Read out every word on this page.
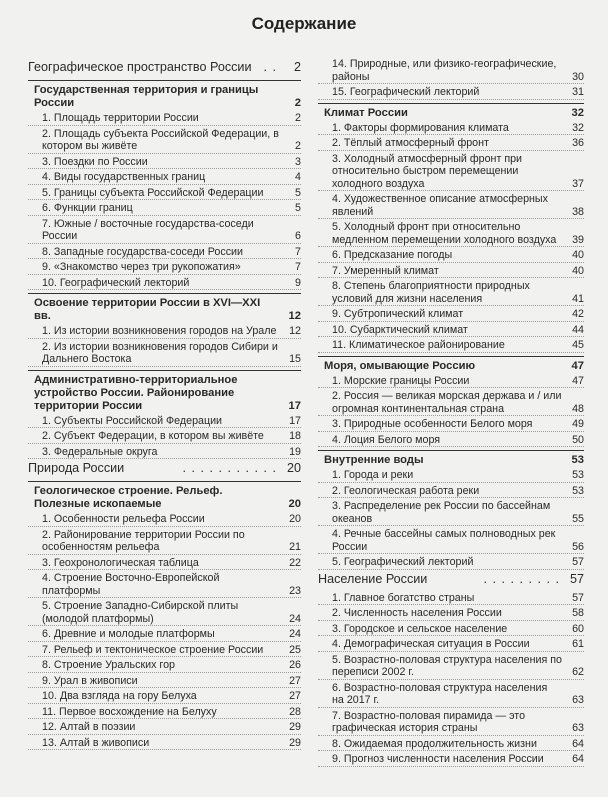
Содержание
Географическое пространство России . .	2
Государственная территория и границы России	2
1. Площадь территории России	2
2. Площадь субъекта Российской Федерации, в котором вы живёте	2
3. Поездки по России	3
4. Виды государственных границ	4
5. Границы субъекта Российской Федерации	5
6. Функции границ	5
7. Южные / восточные государства-соседи России	6
8. Западные государства-соседи России	7
9. «Знакомство через три рукопожатия»	7
10. Географический лекторий	9
Освоение территории России в XVI—XXI вв.	12
1. Из истории возникновения городов на Урале	12
2. Из истории возникновения городов Сибири и Дальнего Востока	15
Административно-территориальное устройство России. Районирование территории России	17
1. Субъекты Российской Федерации	17
2. Субъект Федерации, в котором вы живёте	18
3. Федеральные округа	19
Природа России	. . . . . . . . . . . 20
Геологическое строение. Рельеф. Полезные ископаемые	20
1. Особенности рельефа России	20
2. Районирование территории России по особенностям рельефа	21
3. Геохронологическая таблица	22
4. Строение Восточно-Европейской платформы	23
5. Строение Западно-Сибирской плиты (молодой платформы)	24
6. Древние и молодые платформы	24
7. Рельеф и тектоническое строение России	25
8. Строение Уральских гор	26
9. Урал в живописи	27
10. Два взгляда на гору Белуха	27
11. Первое восхождение на Белуху	28
12. Алтай в поэзии	29
13. Алтай в живописи	29
14. Природные, или физико-географические, районы	30
15. Географический лекторий	31
Климат России	32
1. Факторы формирования климата	32
2. Тёплый атмосферный фронт	36
3. Холодный атмосферный фронт при относительно быстром перемещении холодного воздуха	37
4. Художественное описание атмосферных явлений	38
5. Холодный фронт при относительно медленном перемещении холодного воздуха	39
6. Предсказание погоды	40
7. Умеренный климат	40
8. Степень благоприятности природных условий для жизни населения	41
9. Субтропический климат	42
10. Субарктический климат	44
11. Климатическое районирование	45
Моря, омывающие Россию	47
1. Морские границы России	47
2. Россия — великая морская держава и / или огромная континентальная страна	48
3. Природные особенности Белого моря	49
4. Лоция Белого моря	50
Внутренние воды	53
1. Города и реки	53
2. Геологическая работа реки	53
3. Распределение рек России по бассейнам океанов	55
4. Речные бассейны самых полноводных рек России	56
5. Географический лекторий	57
Население России	. . . . . . . . . 57
1. Главное богатство страны	57
2. Численность населения России	58
3. Городское и сельское население	60
4. Демографическая ситуация в России	61
5. Возрастно-половая структура населения по переписи 2002 г.	62
6. Возрастно-половая структура населения на 2017 г.	63
7. Возрастно-половая пирамида — это графическая история страны	63
8. Ожидаемая продолжительность жизни	64
9. Прогноз численности населения России	64
